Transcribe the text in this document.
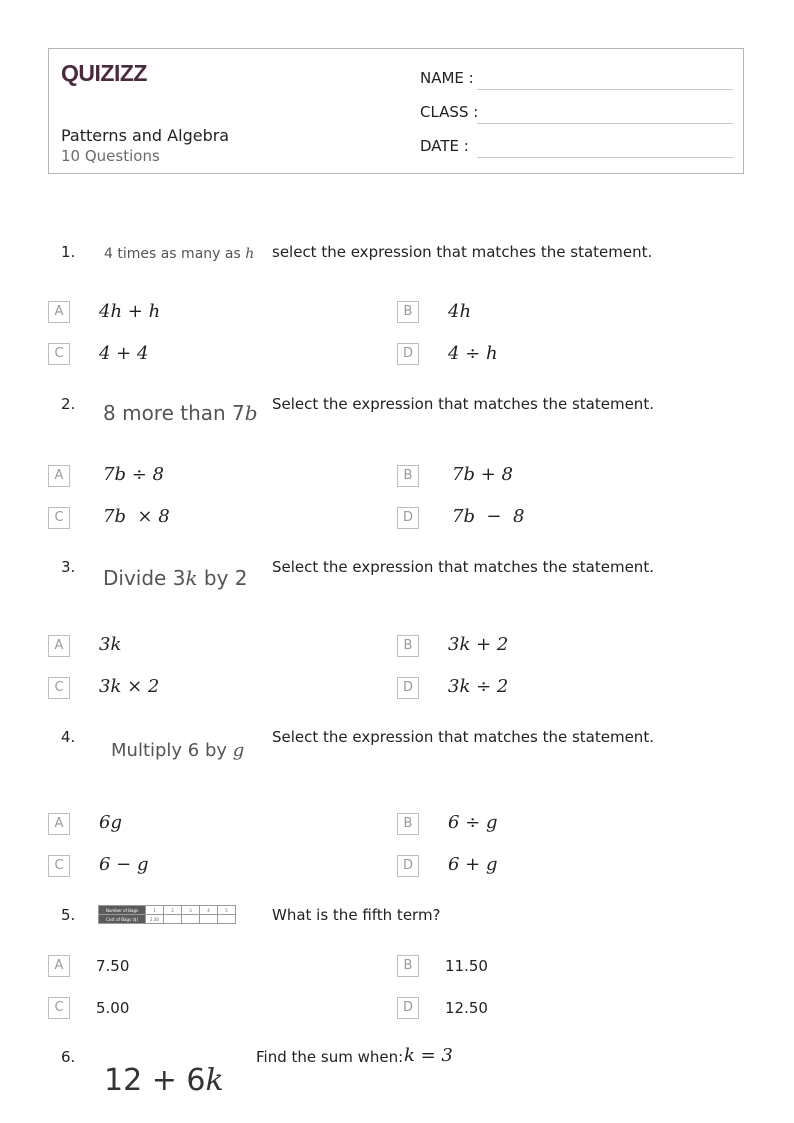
QUIZIZZ
Patterns and Algebra
10 Questions
NAME :
CLASS :
DATE :
1. 4 times as many as h select the expression that matches the statement.
A	4h + h	B	4h
C	4 + 4	D	4 ÷ h
2. 8 more than 7b Select the expression that matches the statement.
A	7b ÷ 8	B	7b + 8
C	7b  × 8	D	7b  −  8
3. Divide 3k by 2 Select the expression that matches the statement.
A	3k	B	3k + 2
C	3k × 2	D	3k ÷ 2
4.
Multiply 6 by g
Select the expression that matches the statement.
A	6g	B	6 ÷ g
C	6 − g	D	6 + g
5.	Number of Bags	1	2	3	4	5
Cost of Bags ($)	2.30					What is the fifth term?
A	7.50	B	11.50
C	5.00	D	12.50
6.
12 + 6k
Find the sum when: k = 3
